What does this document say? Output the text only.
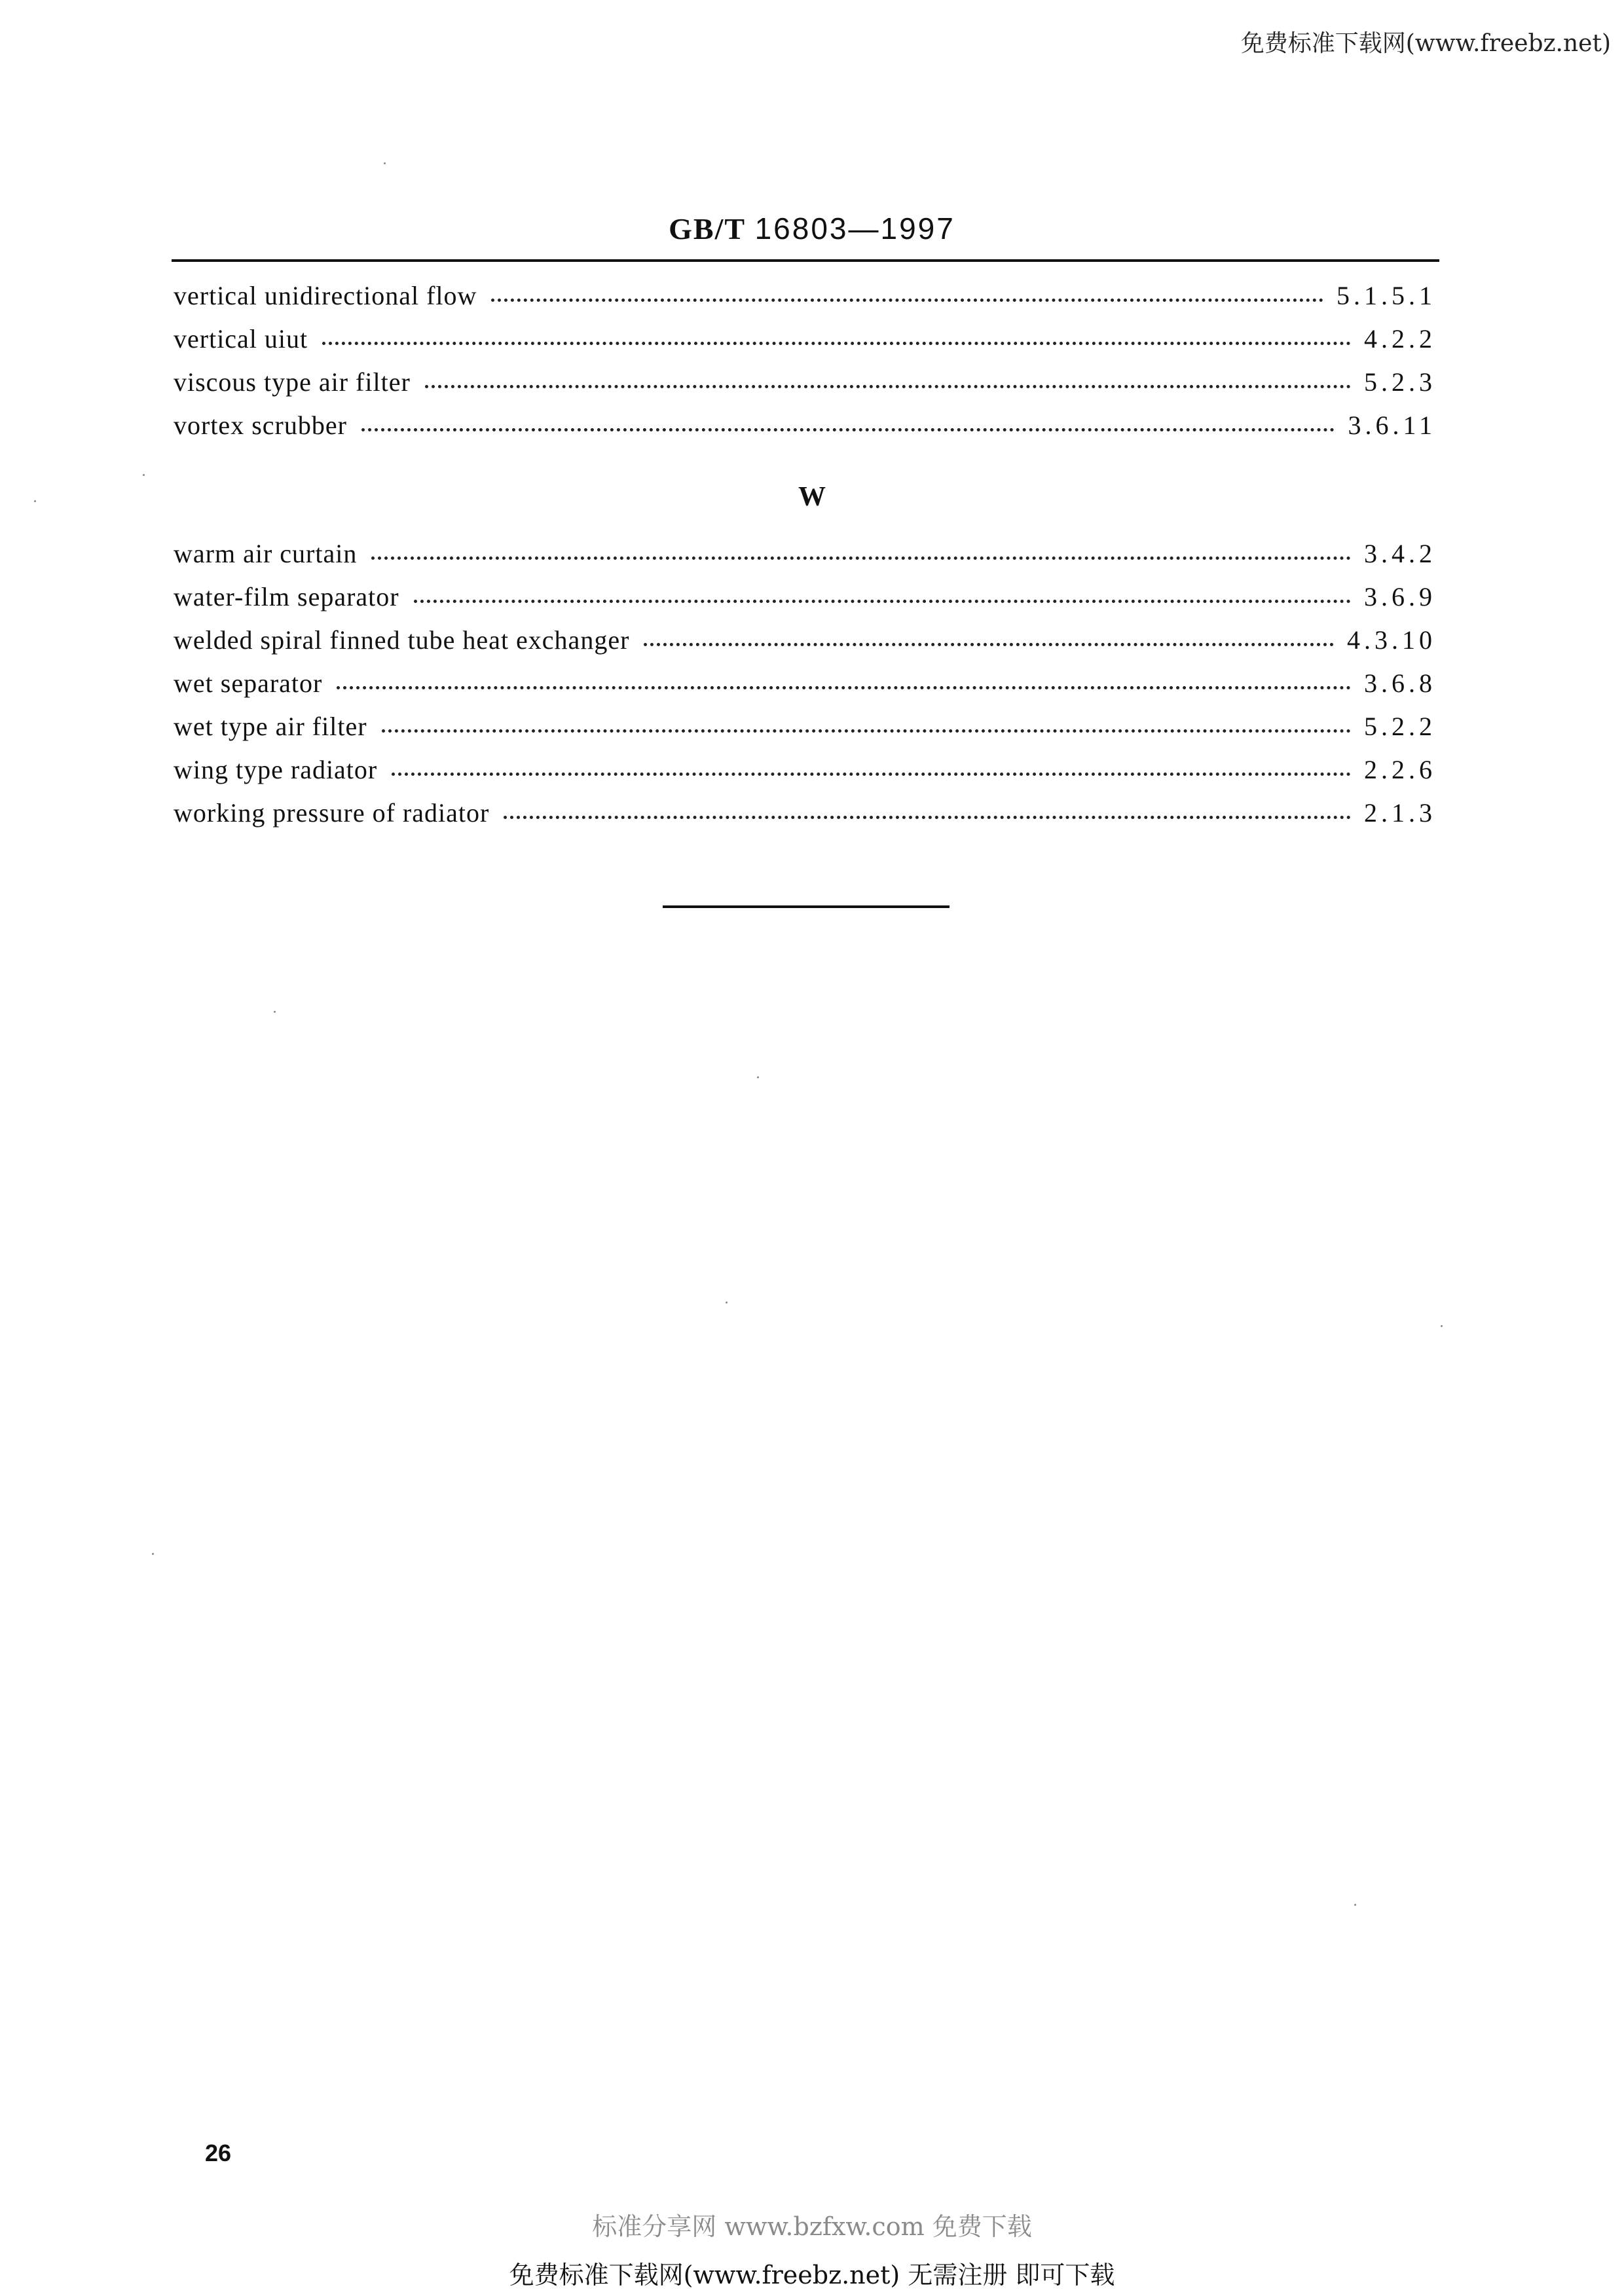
免费标准下载网(www.freebz.net)
GB/T 16803—1997
vertical unidirectional flow	5.1.5.1
vertical uiut	4.2.2
viscous type air filter	5.2.3
vortex scrubber	3.6.11
W
warm air curtain	3.4.2
water-film separator	3.6.9
welded spiral finned tube heat exchanger	4.3.10
wet separator	3.6.8
wet type air filter	5.2.2
wing type radiator	2.2.6
working pressure of radiator	2.1.3
26
标准分享网 www.bzfxw.com 免费下载
免费标准下载网(www.freebz.net) 无需注册 即可下载
